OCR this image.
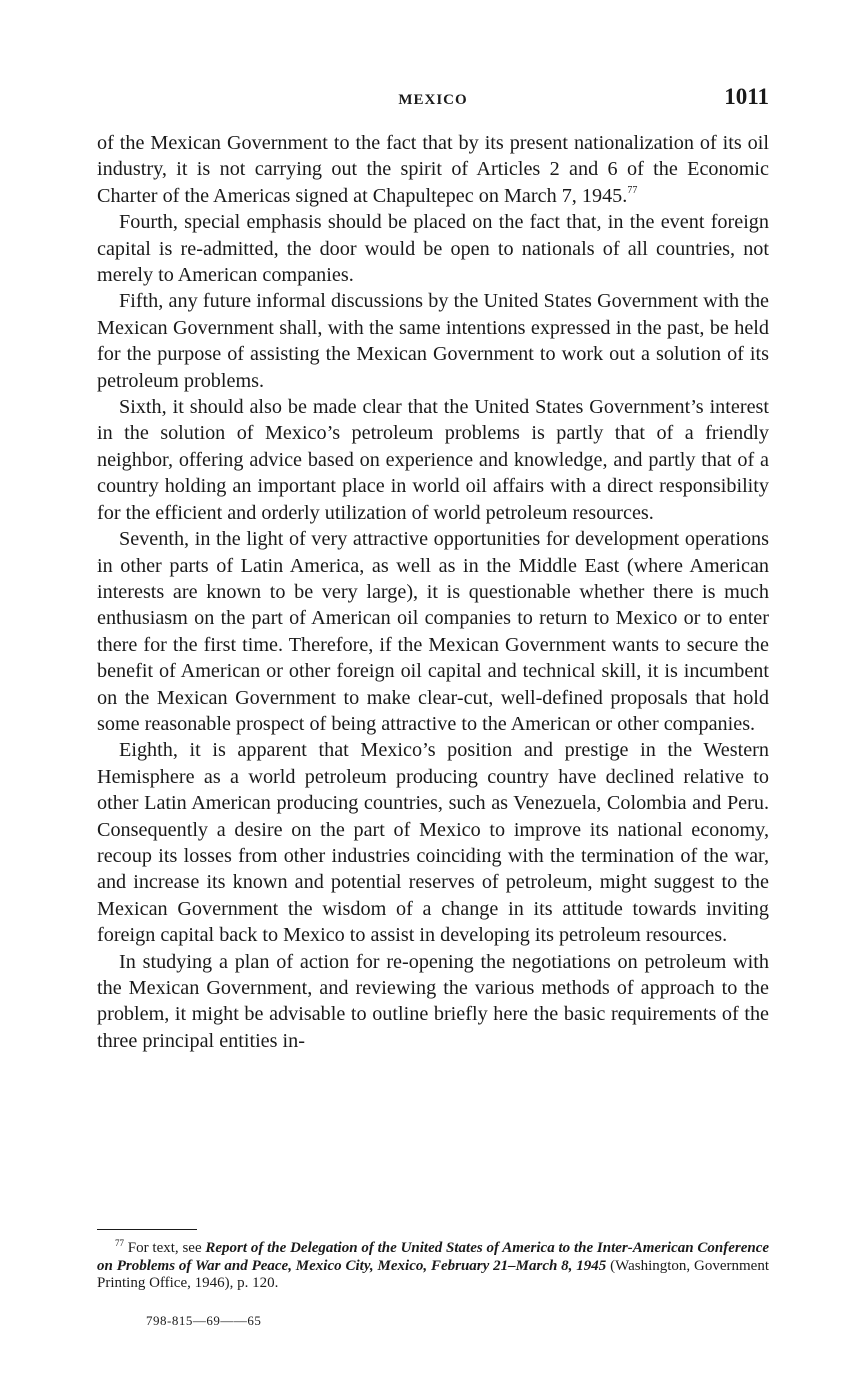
MEXICO	1011

of the Mexican Government to the fact that by its present nationalization of its oil industry, it is not carrying out the spirit of Articles 2 and 6 of the Economic Charter of the Americas signed at Chapultepec on March 7, 1945.77

Fourth, special emphasis should be placed on the fact that, in the event foreign capital is re-admitted, the door would be open to nationals of all countries, not merely to American companies.

Fifth, any future informal discussions by the United States Government with the Mexican Government shall, with the same intentions expressed in the past, be held for the purpose of assisting the Mexican Government to work out a solution of its petroleum problems.

Sixth, it should also be made clear that the United States Government’s interest in the solution of Mexico’s petroleum problems is partly that of a friendly neighbor, offering advice based on experience and knowledge, and partly that of a country holding an important place in world oil affairs with a direct responsibility for the efficient and orderly utilization of world petroleum resources.

Seventh, in the light of very attractive opportunities for development operations in other parts of Latin America, as well as in the Middle East (where American interests are known to be very large), it is questionable whether there is much enthusiasm on the part of American oil companies to return to Mexico or to enter there for the first time. Therefore, if the Mexican Government wants to secure the benefit of American or other foreign oil capital and technical skill, it is incumbent on the Mexican Government to make clear-cut, well-defined proposals that hold some reasonable prospect of being attractive to the American or other companies.

Eighth, it is apparent that Mexico’s position and prestige in the Western Hemisphere as a world petroleum producing country have declined relative to other Latin American producing countries, such as Venezuela, Colombia and Peru. Consequently a desire on the part of Mexico to improve its national economy, recoup its losses from other industries coinciding with the termination of the war, and increase its known and potential reserves of petroleum, might suggest to the Mexican Government the wisdom of a change in its attitude towards inviting foreign capital back to Mexico to assist in developing its petroleum resources.

In studying a plan of action for re-opening the negotiations on petroleum with the Mexican Government, and reviewing the various methods of approach to the problem, it might be advisable to outline briefly here the basic requirements of the three principal entities in-

$^{77}$ For text, see Report of the Delegation of the United States of America to the Inter-American Conference on Problems of War and Peace, Mexico City, Mexico, February 21–March 8, 1945 (Washington, Government Printing Office, 1946), p. 120.
798-815—69——65
